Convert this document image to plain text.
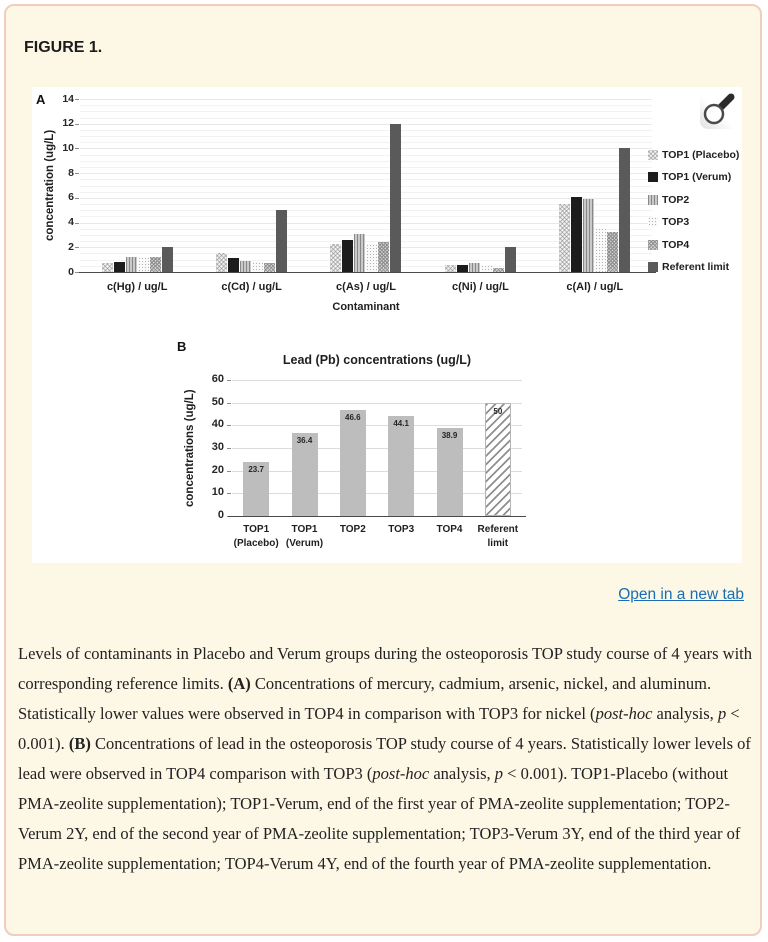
FIGURE 1.
A
concentration (ug/L)
Contaminant
B
Lead (Pb) concentrations (ug/L)
concentrations (ug/L)
0
2
4
6
8
10
12
14
c(Hg) / ug/L	c(Cd) / ug/L	c(As) / ug/L	c(Ni) / ug/L	c(Al) / ug/L
TOP1 (Placebo)
TOP1 (Verum)
TOP2
TOP3
TOP4
Referent limit
0
10
20
30
40
50
60
23.7
TOP1
(Placebo)
36.4
TOP1
(Verum)
46.6
TOP2
44.1
TOP3
38.9
TOP4
50
Referent
limit
Open in a new tab
Levels of contaminants in Placebo and Verum groups during the osteoporosis TOP study course of 4 years with corresponding reference limits. (A) Concentrations of mercury, cadmium, arsenic, nickel, and aluminum. Statistically lower values were observed in TOP4 in comparison with TOP3 for nickel (post-hoc analysis, p < 0.001). (B) Concentrations of lead in the osteoporosis TOP study course of 4 years. Statistically lower levels of lead were observed in TOP4 comparison with TOP3 (post-hoc analysis, p < 0.001). TOP1-Placebo (without PMA-zeolite supplementation); TOP1-Verum, end of the first year of PMA-zeolite supplementation; TOP2-Verum 2Y, end of the second year of PMA-zeolite supplementation; TOP3-Verum 3Y, end of the third year of PMA-zeolite supplementation; TOP4-Verum 4Y, end of the fourth year of PMA-zeolite supplementation.
